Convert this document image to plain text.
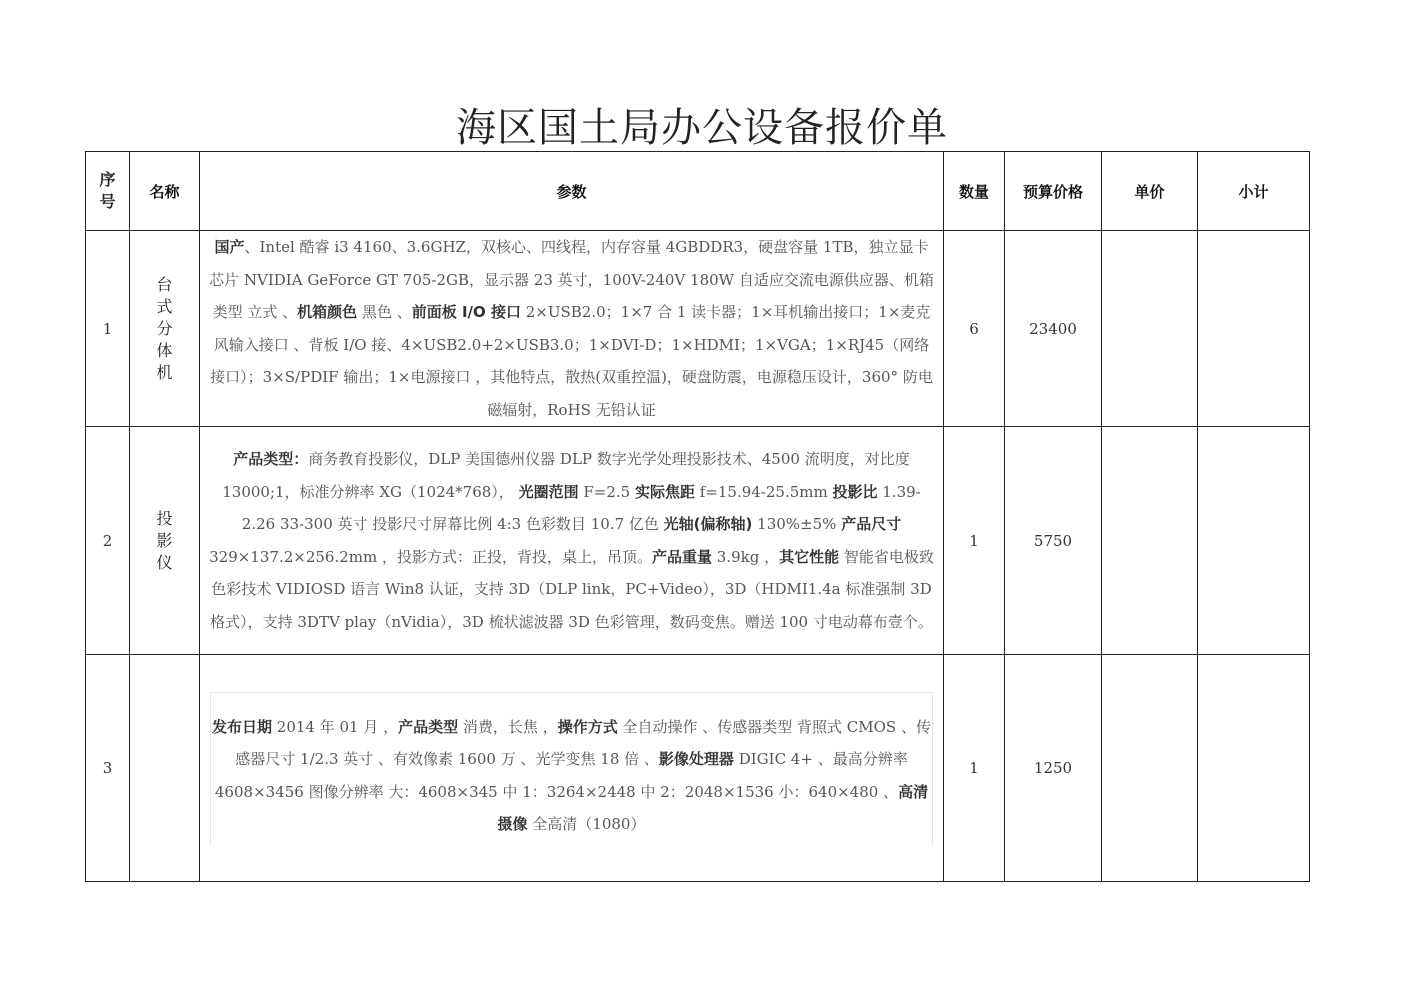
海区国土局办公设备报价单
序号	名称	参数	数量	预算价格	单价	小计
1	台式分体机	国产、Intel 酷睿 i3 4160、3.6GHZ，双核心、四线程，内存容量 4GBDDR3，硬盘容量 1TB，独立显卡芯片 NVIDIA GeForce GT 705-2GB，显示器 23 英寸，100V-240V 180W 自适应交流电源供应器、机箱类型 立式 、机箱颜色 黑色 、前面板 I/O 接口 2×USB2.0；1×7 合 1 读卡器；1×耳机输出接口；1×麦克风输入接口 、背板 I/O 接、4×USB2.0+2×USB3.0；1×DVI-D；1×HDMI；1×VGA；1×RJ45（网络接口）；3×S/PDIF 输出；1×电源接口 ，其他特点，散热(双重控温)，硬盘防震，电源稳压设计，360° 防电磁辐射，RoHS 无铅认证	6	23400		
2	投影仪	产品类型：商务教育投影仪，DLP 美国德州仪器 DLP 数字光学处理投影技术、4500 流明度，对比度 13000;1，标准分辨率 XG（1024*768）， 光圈范围 F=2.5 实际焦距 f=15.94-25.5mm 投影比 1.39-2.26 33-300 英寸 投影尺寸屏幕比例 4:3 色彩数目 10.7 亿色 光轴(偏称轴) 130%±5% 产品尺寸 329×137.2×256.2mm ，投影方式：正投，背投，桌上，吊顶。产品重量 3.9kg ，其它性能 智能省电极致色彩技术 VIDIOSD 语言 Win8 认证，支持 3D（DLP link，PC+Video），3D（HDMI1.4a 标准强制 3D 格式），支持 3DTV play（nVidia），3D 梳状滤波器 3D 色彩管理，数码变焦。赠送 100 寸电动幕布壹个。	1	5750		
3		发布日期 2014 年 01 月 ，产品类型 消费，长焦 ，操作方式 全自动操作 、传感器类型 背照式 CMOS 、传感器尺寸 1/2.3 英寸 、有效像素 1600 万 、光学变焦 18 倍 、影像处理器 DIGIC 4+ 、最高分辨率 4608×3456 图像分辨率 大：4608×345 中 1：3264×2448 中 2：2048×1536 小：640×480 、高清摄像 全高清（1080）	1	1250		
